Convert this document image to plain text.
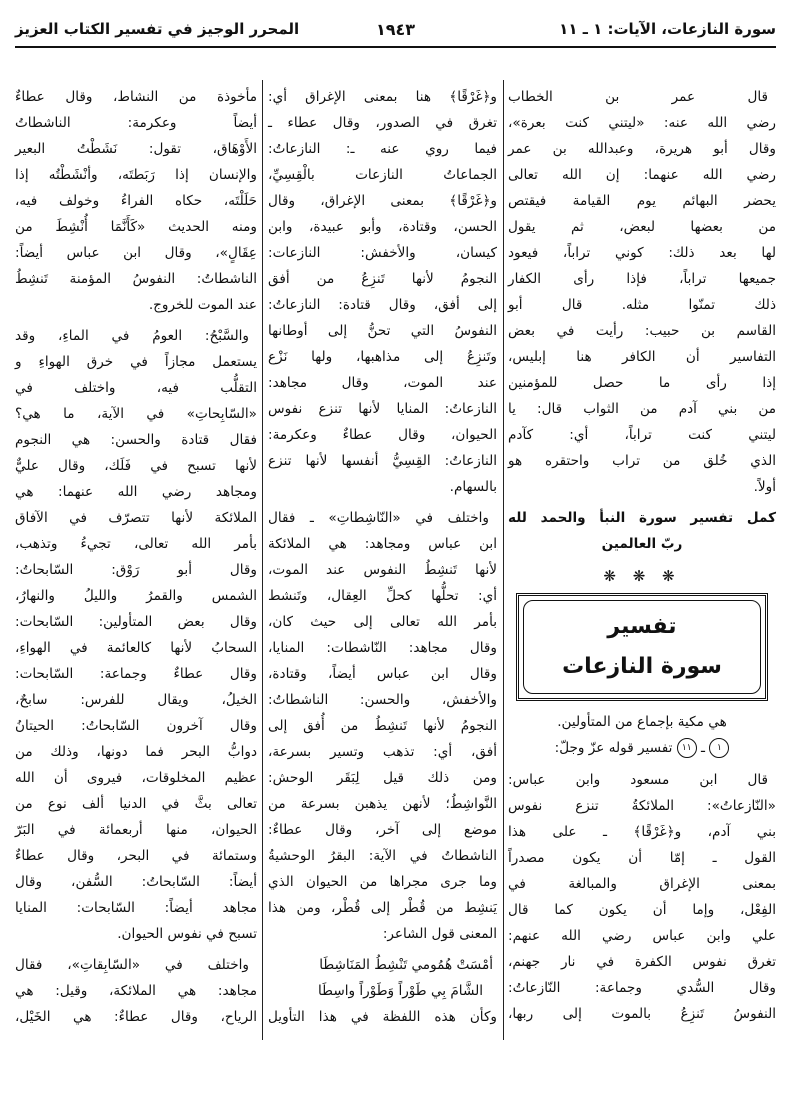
سورة النازعات، الآيات: ١ ـ ١١
١٩٤٣
المحرر الوجيز في تفسير الكتاب العزيز
قال عمر بن الخطاب
رضي الله عنه: «ليتني كنت بعرة»،
وقال أبو هريرة، وعبدالله بن عمر
رضي الله عنهما: إن الله تعالى
يحضر البهائم يوم القيامة فيقتص
من بعضها لبعض، ثم يقول
لها بعد ذلك: كوني تراباً، فيعود
جميعها تراباً، فإذا رأى الكفار
ذلك تمنّوا مثله. قال أبو
القاسم بن حبيب: رأيت في بعض
التفاسير أن الكافر هنا إبليس،
إذا رأى ما حصل للمؤمنين
من بني آدم من الثواب قال: يا
ليتني كنت تراباً، أي: كآدم
الذي خُلق من تراب واحتقره هو
أولاً.
كمل تفسير سورة النبأ والحمد لله
ربّ العالمين
❋ ❋ ❋
تفسير
سورة النازعات
هي مكية بإجماع من المتأولين.
١ ـ ١١ تفسير قوله عزّ وجلّ:
قال ابن مسعود وابن عباس:
«النّازعاتُ»: الملائكةُ تنزع نفوس
بني آدم، و﴿غَرْقًا﴾ ـ على هذا
القول ـ إمّا أن يكون مصدراً
بمعنى الإغراق والمبالغة في
الفِعْل، وإما أن يكون كما قال
علي وابن عباس رضي الله عنهم:
تغرق نفوس الكفرة في نار جهنم،
وقال السُّدي وجماعة: النّازعاتُ:
النفوسُ تَنزِعُ بالموت إلى ربها،
و﴿غَرْقًا﴾ هنا بمعنى الإغراق أي:
تغرق في الصدور، وقال عطاء ـ
فيما روي عنه ـ: النازعاتُ:
الجماعاتُ النازعات بالْقِسِيِّ،
و﴿غَرْقًا﴾ بمعنى الإغراق، وقال
الحسن، وقتادة، وأبو عبيدة، وابن
كيسان، والأخفش: النازعات:
النجومُ لأنها تَنزِعُ من أفق
إلى أفق، وقال قتادة: النازعاتُ:
النفوسُ التي تحنُّ إلى أوطانها
وتَنزِعُ إلى مذاهبها، ولها نَزْع
عند الموت، وقال مجاهد:
النازعاتُ: المنايا لأنها تنزع نفوس
الحيوان، وقال عطاءٌ وعكرمة:
النازعاتُ: القِسِيُّ أنفسها لأنها تنزع
بالسهام.
واختلف في «النّاشِطاتِ» ـ فقال
ابن عباس ومجاهد: هي الملائكة
لأنها تَنشِطُ النفوس عند الموت،
أي: تحلُّها كحلِّ العِقال، وتَنشط
بأمر الله تعالى إلى حيث كان،
وقال مجاهد: النّاشطات: المنايا،
وقال ابن عباس أيضاً، وقتادة،
والأخفش، والحسن: الناشطاتُ:
النجومُ لأنها تَنشِطُ من أُفق إلى
أفق، أي: تذهب وتسير بسرعة،
ومن ذلك قيل لِبَقَر الوحش:
النَّواشِطُ؛ لأنهن يذهبن بسرعة من
موضع إلى آخر، وقال عطاءٌ:
الناشطاتُ في الآية: البقرُ الوحشيةُ
وما جرى مجراها من الحيوان الذي
يَنشِط من قُطْر إلى قُطْر، ومن هذا
المعنى قول الشاعر:
أمْسَتْ هُمُومي تَنْشِطُ المَنَاشِطَا
الشَّامَ بِي طَوْراً وَطَوْراً واسِطَا
وكأن هذه اللفظة في هذا التأويل
مأخوذة من النشاط، وقال عطاءٌ
أيضاً وعكرمة: الناشطاتُ
الأَوْهَاق، تقول: نَشَطْتُ البعير
والإنسان إذا رَبَطتَه، وأنْشَطْتُه إذا
حَلَلْتَه، حكاه الفراءُ وخولف فيه،
ومنه الحديث «كَأَنَّمَا أُنْشِطَ من
عِقَالٍ»، وقال ابن عباس أيضاً:
الناشطاتُ: النفوسُ المؤمنة تَنشِطُ
عند الموت للخروج.
والسَّبْحُ: العومُ في الماءِ، وقد
يستعمل مجازاً في خرق الهواءِ و
التقلُّب فيه، واختلف في
«السّابِحاتِ» في الآية، ما هي؟
فقال قتادة والحسن: هي النجوم
لأنها تسبح في فَلَك، وقال عليٌّ
ومجاهد رضي الله عنهما: هي
الملائكة لأنها تتصرّف في الآفاق
بأمر الله تعالى، تجيءُ وتذهب،
وقال أبو رَوْق: السّابحاتُ:
الشمس والقمرُ والليلُ والنهارُ،
وقال بعض المتأولين: السّابحات:
السحابُ لأنها كالعائمة في الهواءِ،
وقال عطاءٌ وجماعة: السّابحات:
الخيلُ، ويقال للفرس: سابحٌ،
وقال آخرون السّابحاتُ: الحيتانُ
دوابُّ البحر فما دونها، وذلك من
عظيم المخلوقات، فيروى أن الله
تعالى بثَّ في الدنيا ألف نوع من
الحيوان، منها أربعمائة في البَرّ
وستمائة في البحر، وقال عطاءٌ
أيضاً: السّابحاتُ: السُّفن، وقال
مجاهد أيضاً: السّابحات: المنايا
تسبح في نفوس الحيوان.
واختلف في «السّابِقاتِ»، فقال
مجاهد: هي الملائكة، وقيل: هي
الرياح، وقال عطاءٌ: هي الخَيْل،
